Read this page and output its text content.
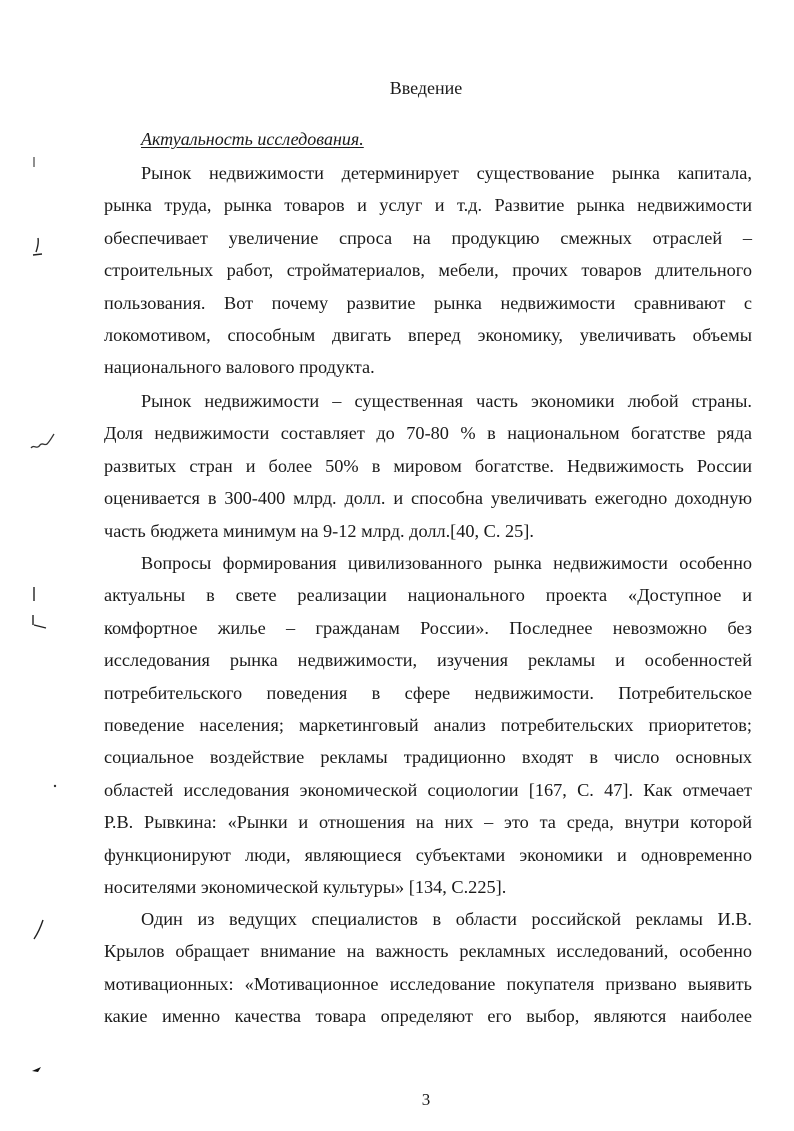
Введение
Актуальность исследования.
Рынок недвижимости детерминирует существование рынка капитала,
рынка труда, рынка товаров и услуг и т.д. Развитие рынка недвижимости
обеспечивает увеличение спроса на продукцию смежных отраслей –
строительных работ, стройматериалов, мебели, прочих товаров длительного
пользования. Вот почему развитие рынка недвижимости сравнивают с
локомотивом, способным двигать вперед экономику, увеличивать объемы
национального валового продукта.
Рынок недвижимости – существенная часть экономики любой страны.
Доля недвижимости составляет до 70-80 % в национальном богатстве ряда
развитых стран и более 50% в мировом богатстве. Недвижимость России
оценивается в 300-400 млрд. долл. и способна увеличивать ежегодно доходную
часть бюджета минимум на 9-12 млрд. долл.[40, С. 25].
Вопросы формирования цивилизованного рынка недвижимости особенно
актуальны в свете реализации национального проекта «Доступное и
комфортное жилье – гражданам России». Последнее невозможно без
исследования рынка недвижимости, изучения рекламы и особенностей
потребительского поведения в сфере недвижимости. Потребительское
поведение населения; маркетинговый анализ потребительских приоритетов;
социальное воздействие рекламы традиционно входят в число основных
областей исследования экономической социологии [167, С. 47]. Как отмечает
Р.В. Рывкина: «Рынки и отношения на них – это та среда, внутри которой
функционируют люди, являющиеся субъектами экономики и одновременно
носителями экономической культуры» [134, С.225].
Один из ведущих специалистов в области российской рекламы И.В.
Крылов обращает внимание на важность рекламных исследований, особенно
мотивационных: «Мотивационное исследование покупателя призвано выявить
какие именно качества товара определяют его выбор, являются наиболее
3
